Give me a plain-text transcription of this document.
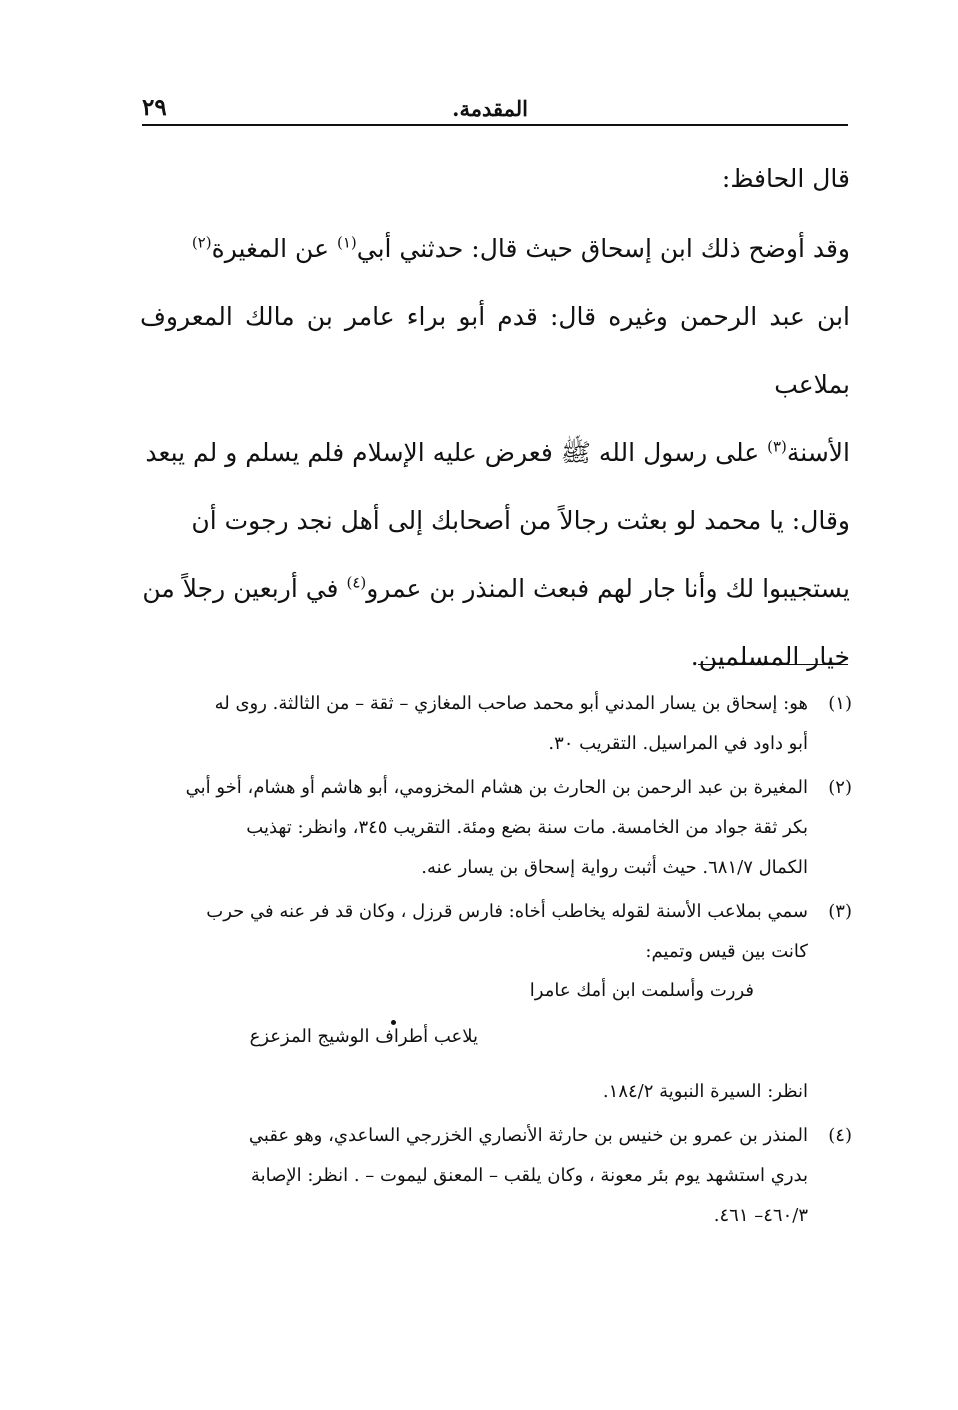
المقدمة.
٢٩

قال الحافظ:

وقد أوضح ذلك ابن إسحاق حيث قال: حدثني أبي$^{(١)}$ عن المغيرة$^{(٢)}$

ابن عبد الرحمن وغيره قال: قدم أبو براء عامر بن مالك المعروف بملاعب

الأسنة$^{(٣)}$ على رسول الله ﷺ فعرض عليه الإسلام فلم يسلم و لم يبعد

وقال: يا محمد لو بعثت رجالاً من أصحابك إلى أهل نجد رجوت أن

يستجيبوا لك وأنا جار لهم فبعث المنذر بن عمرو$^{(٤)}$ في أربعين رجلاً من

خيار المسلمين.

(١)
هو: إسحاق بن يسار المدني أبو محمد صاحب المغازي – ثقة – من الثالثة. روى له
أبو داود في المراسيل. التقريب ٣٠.
(٢)
المغيرة بن عبد الرحمن بن الحارث بن هشام المخزومي، أبو هاشم أو هشام، أخو أبي
بكر ثقة جواد من الخامسة. مات سنة بضع ومئة. التقريب ٣٤٥، وانظر: تهذيب
الكمال ٦٨١/٧. حيث أثبت رواية إسحاق بن يسار عنه.
(٣)
سمي بملاعب الأسنة لقوله يخاطب أخاه: فارس قرزل ، وكان قد فر عنه في حرب
كانت بين قيس وتميم:
فررت وأسلمت ابن أمك عامرا
يلاعب أطراف الوشيج المزعزع
انظر: السيرة النبوية ١٨٤/٢.
(٤)
المنذر بن عمرو بن خنيس بن حارثة الأنصاري الخزرجي الساعدي، وهو عقبي
بدري استشهد يوم بئر معونة ، وكان يلقب – المعنق ليموت – . انظر: الإصابة
٤٦٠/٣– ٤٦١.
